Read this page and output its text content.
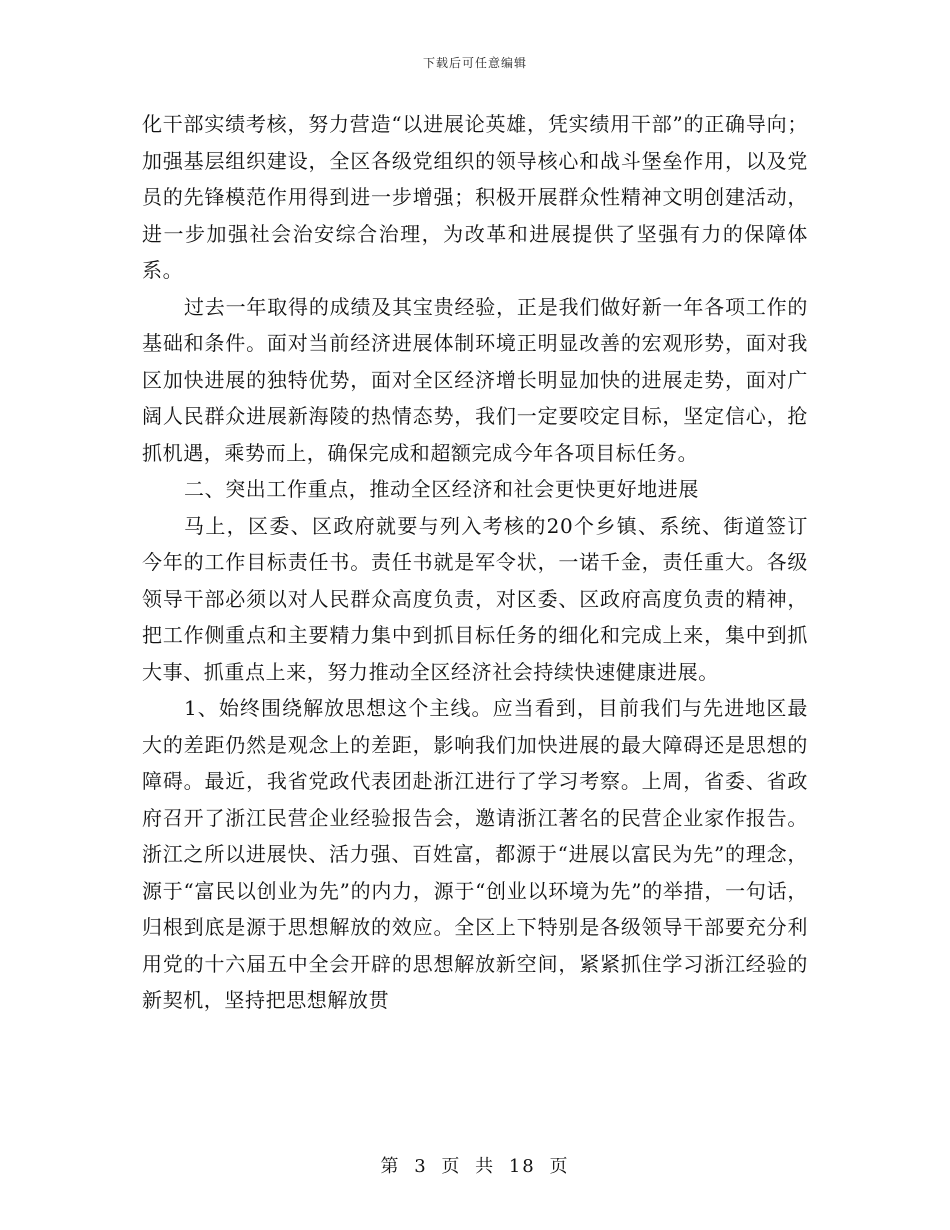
下载后可任意编辑

化干部实绩考核，努力营造“以进展论英雄，凭实绩用干部”的正确导向；加强基层组织建设，全区各级党组织的领导核心和战斗堡垒作用，以及党员的先锋模范作用得到进一步增强；积极开展群众性精神文明创建活动，进一步加强社会治安综合治理，为改革和进展提供了坚强有力的保障体系。

过去一年取得的成绩及其宝贵经验，正是我们做好新一年各项工作的基础和条件。面对当前经济进展体制环境正明显改善的宏观形势，面对我区加快进展的独特优势，面对全区经济增长明显加快的进展走势，面对广阔人民群众进展新海陵的热情态势，我们一定要咬定目标，坚定信心，抢抓机遇，乘势而上，确保完成和超额完成今年各项目标任务。

二、突出工作重点，推动全区经济和社会更快更好地进展

马上，区委、区政府就要与列入考核的20个乡镇、系统、街道签订今年的工作目标责任书。责任书就是军令状，一诺千金，责任重大。各级领导干部必须以对人民群众高度负责，对区委、区政府高度负责的精神，把工作侧重点和主要精力集中到抓目标任务的细化和完成上来，集中到抓大事、抓重点上来，努力推动全区经济社会持续快速健康进展。

1、始终围绕解放思想这个主线。应当看到，目前我们与先进地区最大的差距仍然是观念上的差距，影响我们加快进展的最大障碍还是思想的障碍。最近，我省党政代表团赴浙江进行了学习考察。上周，省委、省政府召开了浙江民营企业经验报告会，邀请浙江著名的民营企业家作报告。浙江之所以进展快、活力强、百姓富，都源于“进展以富民为先”的理念，源于“富民以创业为先”的内力，源于“创业以环境为先”的举措，一句话，归根到底是源于思想解放的效应。全区上下特别是各级领导干部要充分利用党的十六届五中全会开辟的思想解放新空间，紧紧抓住学习浙江经验的新契机，坚持把思想解放贯

第 3 页 共 18 页
